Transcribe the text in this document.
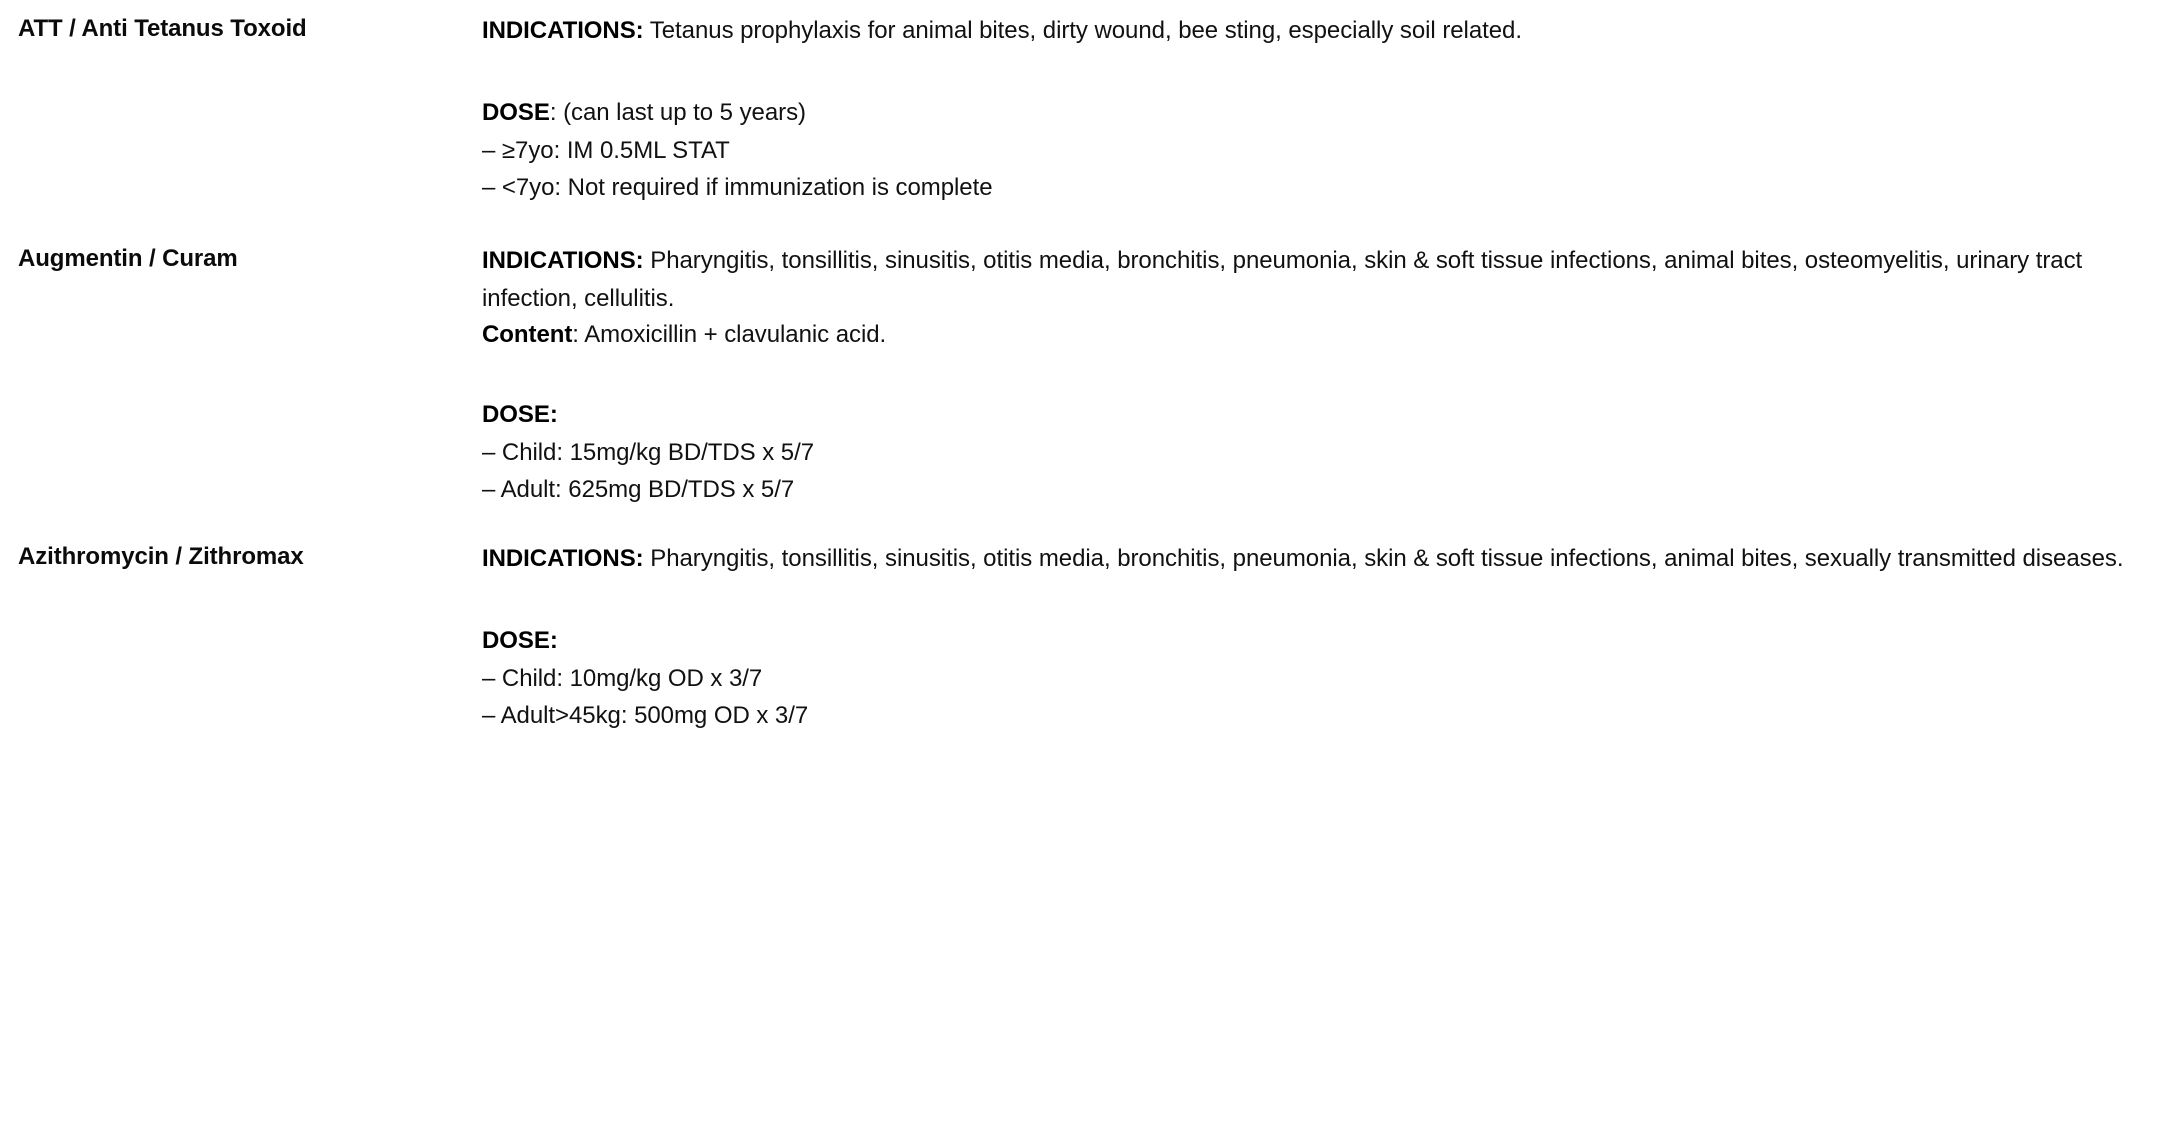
ATT / Anti Tetanus Toxoid	INDICATIONS: Tetanus prophylaxis for animal bites, dirty wound, bee sting, especially soil related.

DOSE: (can last up to 5 years)

– ≥7yo: IM 0.5ML STAT

– <7yo: Not required if immunization is complete

Augmentin / Curam	INDICATIONS: Pharyngitis, tonsillitis, sinusitis, otitis media, bronchitis, pneumonia, skin & soft tissue infections, animal bites, osteomyelitis, urinary tract infection, cellulitis.

Content: Amoxicillin + clavulanic acid.

DOSE:

– Child: 15mg/kg BD/TDS x 5/7

– Adult: 625mg BD/TDS x 5/7

Azithromycin / Zithromax	INDICATIONS: Pharyngitis, tonsillitis, sinusitis, otitis media, bronchitis, pneumonia, skin & soft tissue infections, animal bites, sexually transmitted diseases.

DOSE:

– Child: 10mg/kg OD x 3/7

– Adult>45kg: 500mg OD x 3/7
